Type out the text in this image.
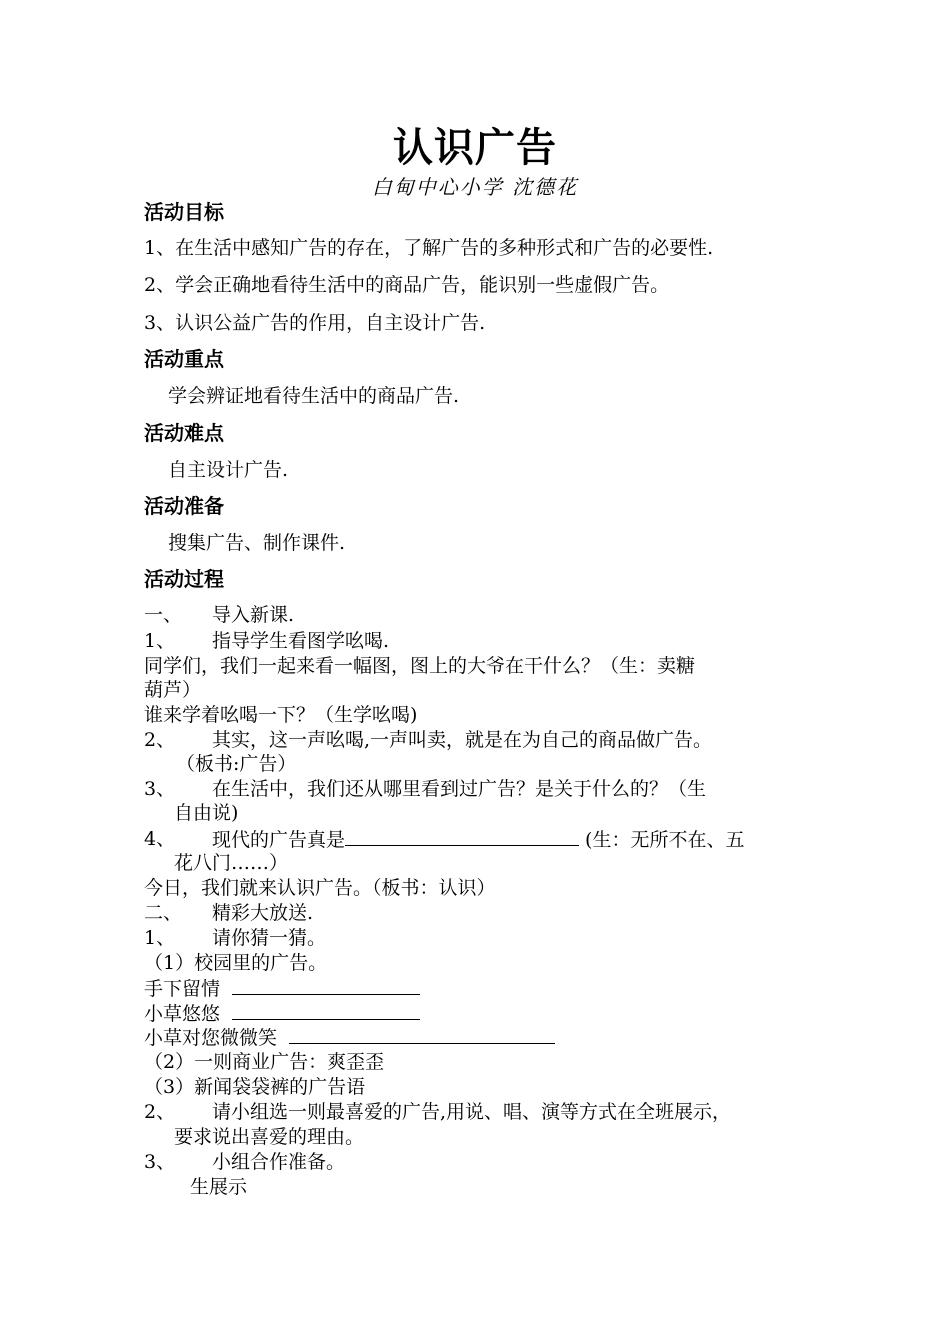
认识广告
白甸中心小学 沈德花
活动目标
1、在生活中感知广告的存在，了解广告的多种形式和广告的必要性.
2、学会正确地看待生活中的商品广告，能识别一些虚假广告。
3、认识公益广告的作用，自主设计广告.
活动重点
学会辨证地看待生活中的商品广告.
活动难点
自主设计广告.
活动准备
搜集广告、制作课件.
活动过程
一、 导入新课.
1、 指导学生看图学吆喝.
同学们，我们一起来看一幅图，图上的大爷在干什么？（生：卖糖
葫芦）
谁来学着吆喝一下？（生学吆喝)
2、 其实，这一声吆喝,一声叫卖，就是在为自己的商品做广告。
（板书:广告）
3、 在生活中，我们还从哪里看到过广告？是关于什么的？（生
自由说)
4、 现代的广告真是	(生：无所不在、五
花八门……）
今日，我们就来认识广告。（板书：认识）
二、 精彩大放送.
1、 请你猜一猜。
（1）校园里的广告。
手下留情
小草悠悠
小草对您微微笑
（2）一则商业广告：爽歪歪
（3）新闻袋袋裤的广告语
2、 请小组选一则最喜爱的广告,用说、唱、演等方式在全班展示，
要求说出喜爱的理由。
3、 小组合作准备。
生展示
